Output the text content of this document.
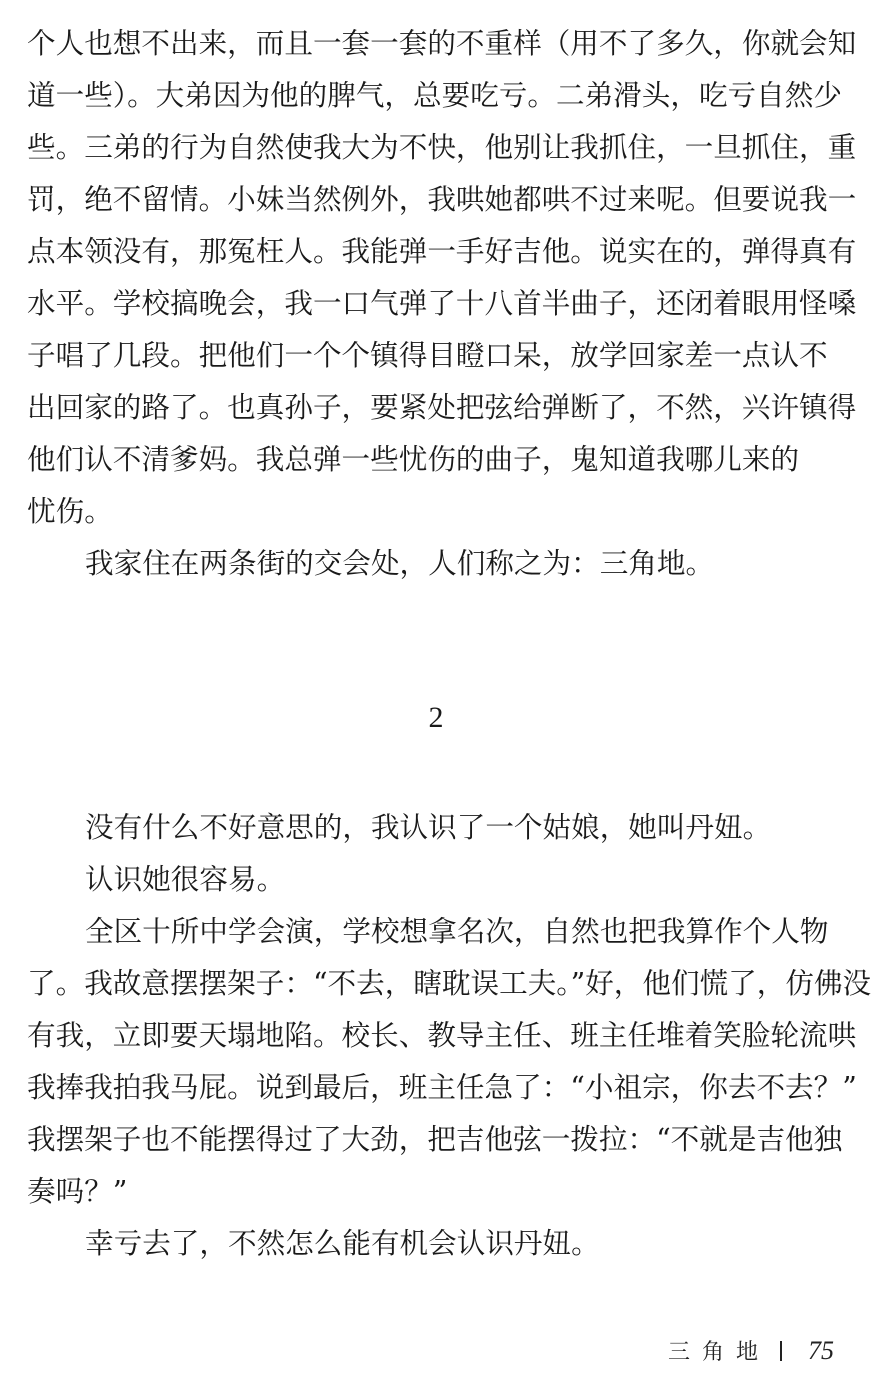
个人也想不出来，而且一套一套的不重样（用不了多久，你就会知
道一些）。大弟因为他的脾气，总要吃亏。二弟滑头，吃亏自然少
些。三弟的行为自然使我大为不快，他别让我抓住，一旦抓住，重
罚，绝不留情。小妹当然例外，我哄她都哄不过来呢。但要说我一
点本领没有，那冤枉人。我能弹一手好吉他。说实在的，弹得真有
水平。学校搞晚会，我一口气弹了十八首半曲子，还闭着眼用怪嗓
子唱了几段。把他们一个个镇得目瞪口呆，放学回家差一点认不
出回家的路了。也真孙子，要紧处把弦给弹断了，不然，兴许镇得
他们认不清爹妈。我总弹一些忧伤的曲子，鬼知道我哪儿来的
忧伤。
我家住在两条街的交会处，人们称之为：三角地。
2
没有什么不好意思的，我认识了一个姑娘，她叫丹妞。
认识她很容易。
全区十所中学会演，学校想拿名次，自然也把我算作个人物
了。我故意摆摆架子：“不去，瞎耽误工夫。”好，他们慌了，仿佛没
有我，立即要天塌地陷。校长、教导主任、班主任堆着笑脸轮流哄
我捧我拍我马屁。说到最后，班主任急了：“小祖宗，你去不去？”
我摆架子也不能摆得过了大劲，把吉他弦一拨拉：“不就是吉他独
奏吗？”
幸亏去了，不然怎么能有机会认识丹妞。
三角地 75
